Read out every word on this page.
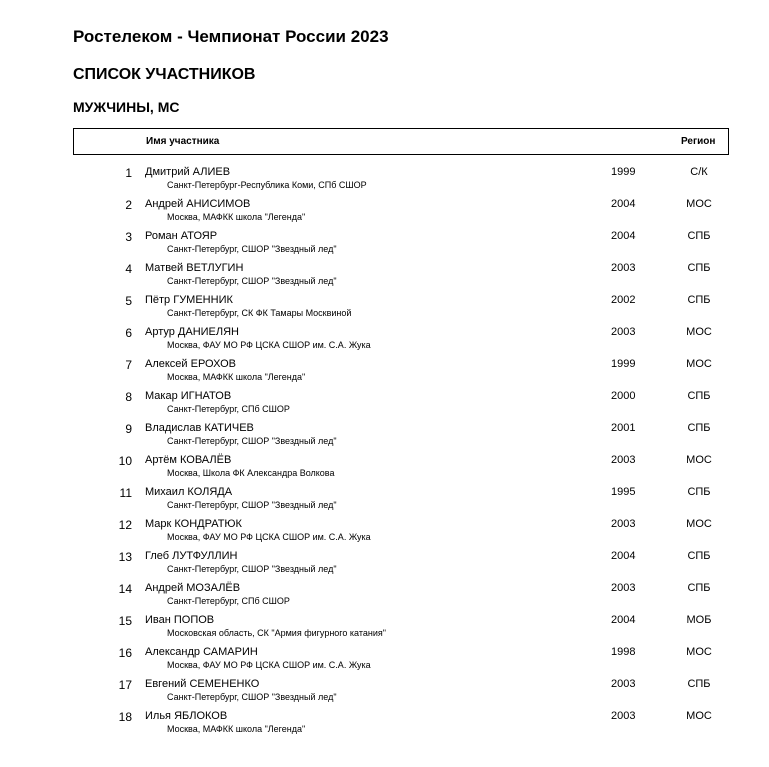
Ростелеком - Чемпионат России 2023
СПИСОК УЧАСТНИКОВ
МУЖЧИНЫ, МС
Имя участника	Регион
1 Дмитрий АЛИЕВ
Санкт-Петербург-Республика Коми, СПб СШОР
1999	С/К
2 Андрей АНИСИМОВ
Москва, МАФКК школа "Легенда"
2004	МОС
3 Роман АТОЯР
Санкт-Петербург, СШОР "Звездный лед"
2004	СПБ
4 Матвей ВЕТЛУГИН
Санкт-Петербург, СШОР "Звездный лед"
2003	СПБ
5 Пётр ГУМЕННИК
Санкт-Петербург, СК ФК Тамары Москвиной
2002	СПБ
6 Артур ДАНИЕЛЯН
Москва, ФАУ МО РФ ЦСКА СШОР им. С.А. Жука
2003	МОС
7 Алексей ЕРОХОВ
Москва, МАФКК школа "Легенда"
1999	МОС
8 Макар ИГНАТОВ
Санкт-Петербург, СПб СШОР
2000	СПБ
9 Владислав КАТИЧЕВ
Санкт-Петербург, СШОР "Звездный лед"
2001	СПБ
10 Артём КОВАЛЁВ
Москва, Школа ФК Александра Волкова
2003	МОС
11 Михаил КОЛЯДА
Санкт-Петербург, СШОР "Звездный лед"
1995	СПБ
12 Марк КОНДРАТЮК
Москва, ФАУ МО РФ ЦСКА СШОР им. С.А. Жука
2003	МОС
13 Глеб ЛУТФУЛЛИН
Санкт-Петербург, СШОР "Звездный лед"
2004	СПБ
14 Андрей МОЗАЛЁВ
Санкт-Петербург, СПб СШОР
2003	СПБ
15 Иван ПОПОВ
Московская область, СК "Армия фигурного катания"
2004	МОБ
16 Александр САМАРИН
Москва, ФАУ МО РФ ЦСКА СШОР им. С.А. Жука
1998	МОС
17 Евгений СЕМЕНЕНКО
Санкт-Петербург, СШОР "Звездный лед"
2003	СПБ
18 Илья ЯБЛОКОВ
Москва, МАФКК школа "Легенда"
2003	МОС
